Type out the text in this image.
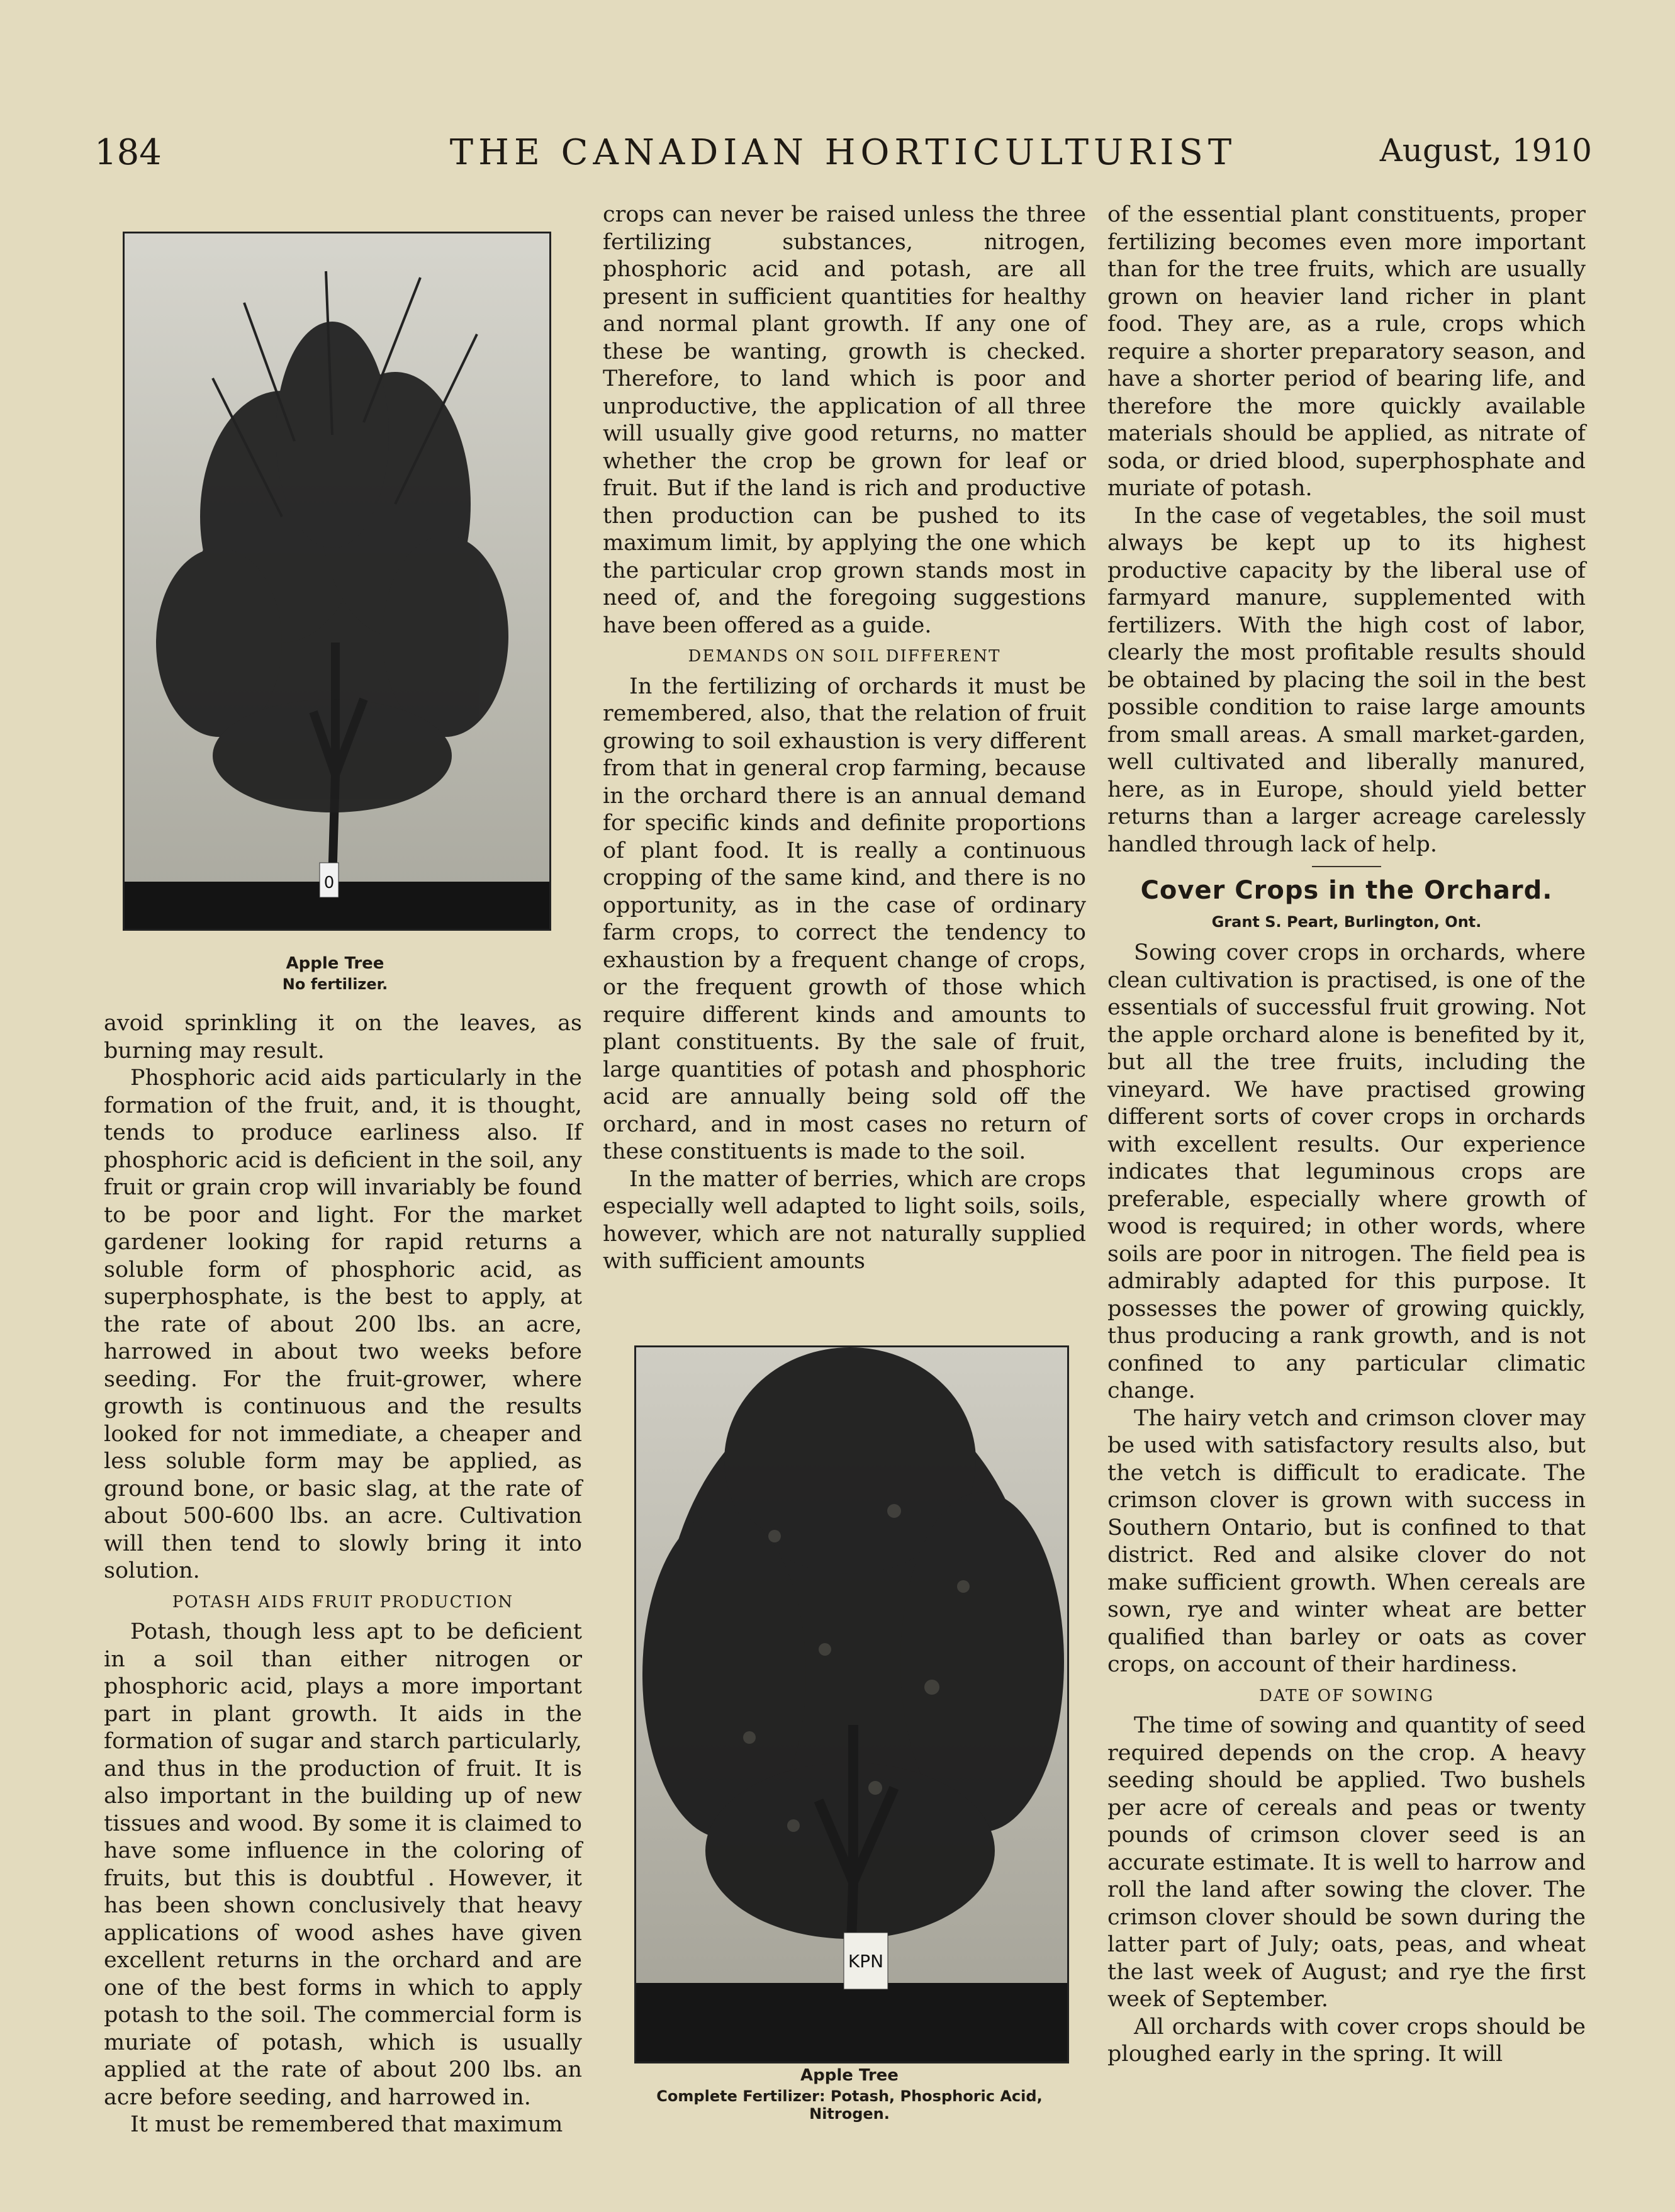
184	THE CANADIAN HORTICULTURIST	August, 1910
0
Apple Tree
No fertilizer.
KPN
Apple Tree
Complete Fertilizer: Potash, Phosphoric Acid, Nitrogen.

avoid sprinkling it on the leaves, as burning may result.

Phosphoric acid aids particularly in the formation of the fruit, and, it is thought, tends to produce earliness also. If phosphoric acid is deficient in the soil, any fruit or grain crop will invariably be found to be poor and light. For the market gardener looking for rapid returns a soluble form of phosphoric acid, as superphosphate, is the best to apply, at the rate of about 200 lbs. an acre, harrowed in about two weeks before seeding. For the fruit-grower, where growth is continuous and the results looked for not immediate, a cheaper and less soluble form may be applied, as ground bone, or basic slag, at the rate of about 500-600 lbs. an acre. Cultivation will then tend to slowly bring it into solution.

POTASH AIDS FRUIT PRODUCTION

Potash, though less apt to be deficient in a soil than either nitrogen or phosphoric acid, plays a more important part in plant growth. It aids in the formation of sugar and starch particularly, and thus in the production of fruit. It is also important in the building up of new tissues and wood. By some it is claimed to have some influence in the coloring of fruits, but this is doubtful . However, it has been shown conclusively that heavy applications of wood ashes have given excellent returns in the orchard and are one of the best forms in which to apply potash to the soil. The commercial form is muriate of potash, which is usually applied at the rate of about 200 lbs. an acre before seeding, and harrowed in.

It must be remembered that maximum

crops can never be raised unless the three fertilizing substances, nitrogen, phosphoric acid and potash, are all present in sufficient quantities for healthy and normal plant growth. If any one of these be wanting, growth is checked. Therefore, to land which is poor and unproductive, the application of all three will usually give good returns, no matter whether the crop be grown for leaf or fruit. But if the land is rich and productive then production can be pushed to its maximum limit, by applying the one which the particular crop grown stands most in need of, and the foregoing suggestions have been offered as a guide.

DEMANDS ON SOIL DIFFERENT

In the fertilizing of orchards it must be remembered, also, that the relation of fruit growing to soil exhaustion is very different from that in general crop farming, because in the orchard there is an annual demand for specific kinds and definite proportions of plant food. It is really a continuous cropping of the same kind, and there is no opportunity, as in the case of ordinary farm crops, to correct the tendency to exhaustion by a frequent change of crops, or the frequent growth of those which require different kinds and amounts to plant constituents. By the sale of fruit, large quantities of potash and phosphoric acid are annually being sold off the orchard, and in most cases no return of these constituents is made to the soil.

In the matter of berries, which are crops especially well adapted to light soils, soils, however, which are not naturally supplied with sufficient amounts

of the essential plant constituents, proper fertilizing becomes even more important than for the tree fruits, which are usually grown on heavier land richer in plant food. They are, as a rule, crops which require a shorter preparatory season, and have a shorter period of bearing life, and therefore the more quickly available materials should be applied, as nitrate of soda, or dried blood, superphosphate and muriate of potash.

In the case of vegetables, the soil must always be kept up to its highest productive capacity by the liberal use of farmyard manure, supplemented with fertilizers. With the high cost of labor, clearly the most profitable results should be obtained by placing the soil in the best possible condition to raise large amounts from small areas. A small market-garden, well cultivated and liberally manured, here, as in Europe, should yield better returns than a larger acreage carelessly handled through lack of help.

Cover Crops in the Orchard.
Grant S. Peart, Burlington, Ont.

Sowing cover crops in orchards, where clean cultivation is practised, is one of the essentials of successful fruit growing. Not the apple orchard alone is benefited by it, but all the tree fruits, including the vineyard. We have practised growing different sorts of cover crops in orchards with excellent results. Our experience indicates that leguminous crops are preferable, especially where growth of wood is required; in other words, where soils are poor in nitrogen. The field pea is admirably adapted for this purpose. It possesses the power of growing quickly, thus producing a rank growth, and is not confined to any particular climatic change.

The hairy vetch and crimson clover may be used with satisfactory results also, but the vetch is difficult to eradicate. The crimson clover is grown with success in Southern Ontario, but is confined to that district. Red and alsike clover do not make sufficient growth. When cereals are sown, rye and winter wheat are better qualified than barley or oats as cover crops, on account of their hardiness.

DATE OF SOWING

The time of sowing and quantity of seed required depends on the crop. A heavy seeding should be applied. Two bushels per acre of cereals and peas or twenty pounds of crimson clover seed is an accurate estimate. It is well to harrow and roll the land after sowing the clover. The crimson clover should be sown during the latter part of July; oats, peas, and wheat the last week of August; and rye the first week of September.

All orchards with cover crops should be ploughed early in the spring. It will
